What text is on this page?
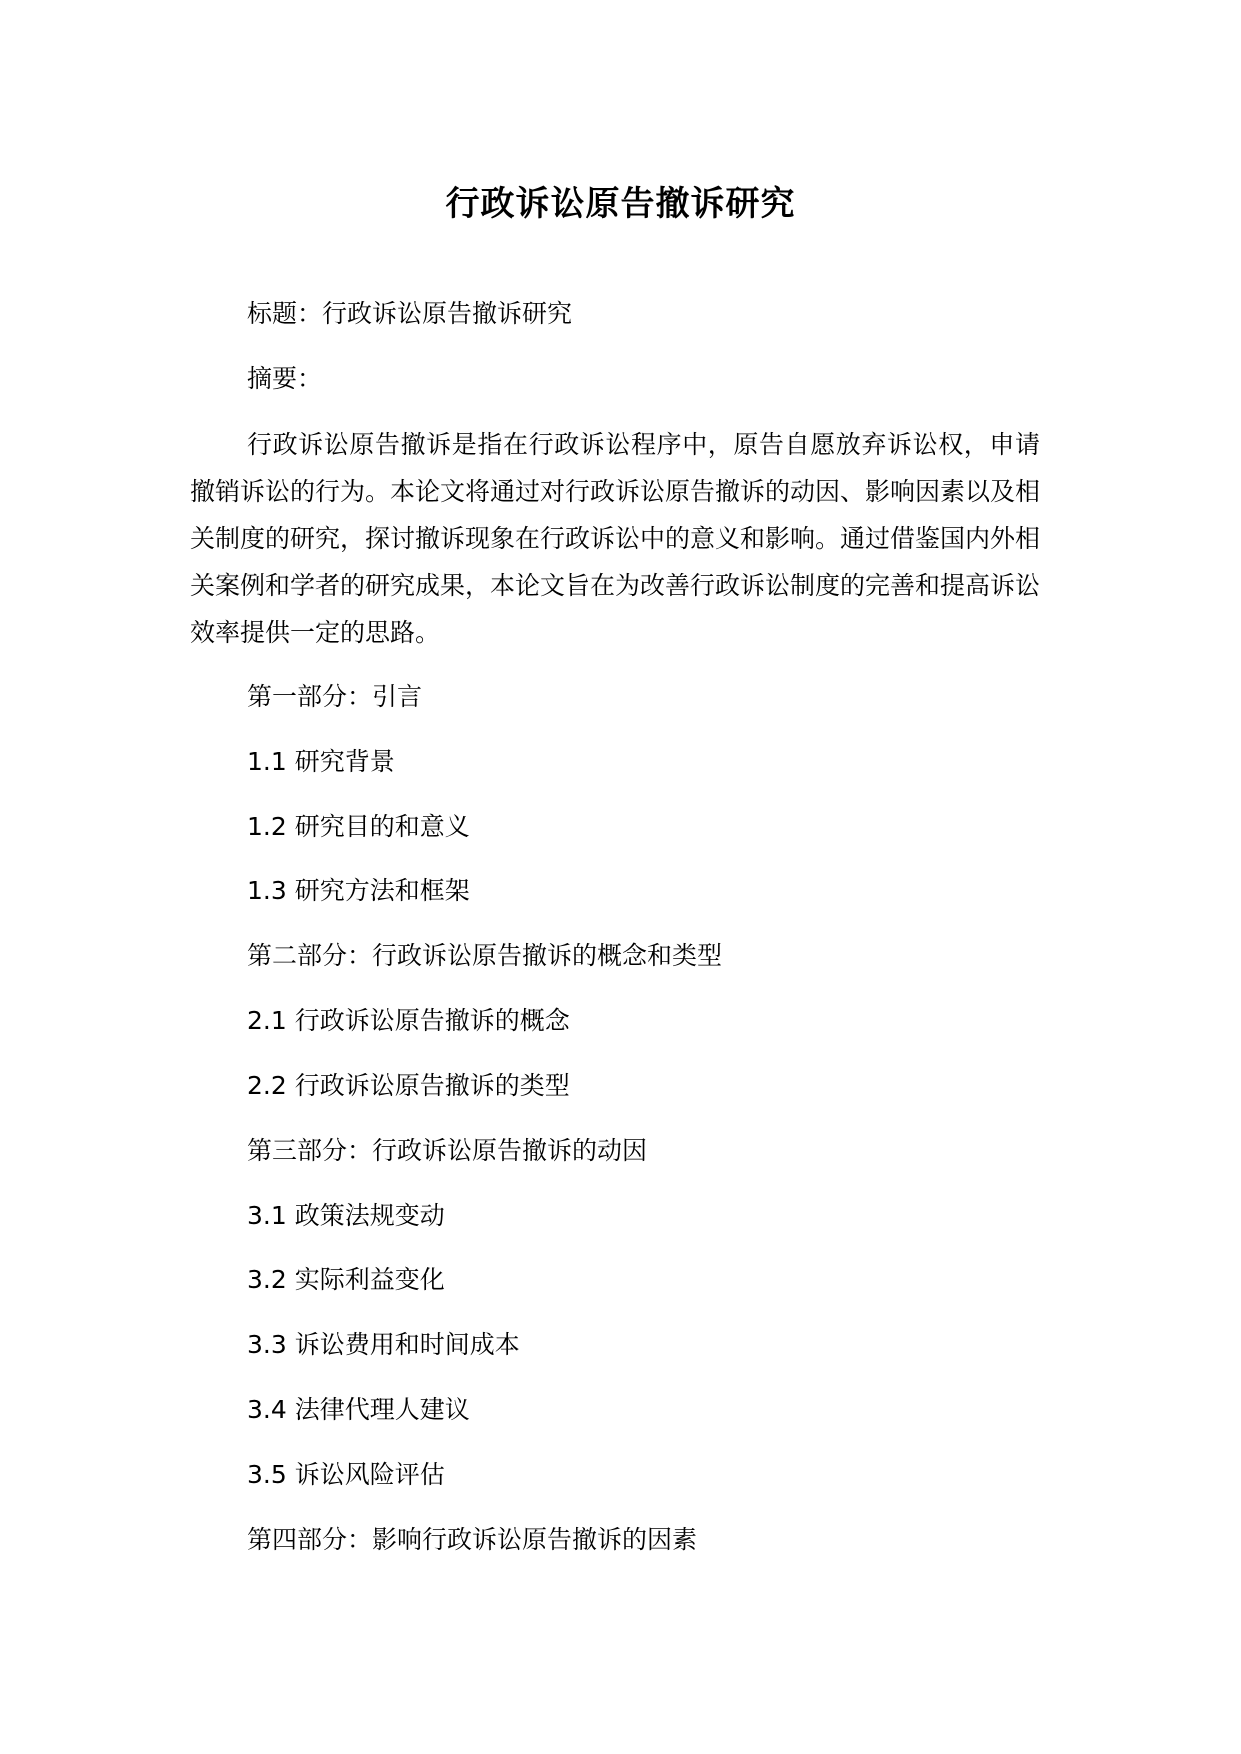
行政诉讼原告撤诉研究
标题：行政诉讼原告撤诉研究
摘要：

行政诉讼原告撤诉是指在行政诉讼程序中，原告自愿放弃诉讼权，申请撤销诉讼的行为。本论文将通过对行政诉讼原告撤诉的动因、影响因素以及相关制度的研究，探讨撤诉现象在行政诉讼中的意义和影响。通过借鉴国内外相关案例和学者的研究成果，本论文旨在为改善行政诉讼制度的完善和提高诉讼效率提供一定的思路。

第一部分：引言
1.1 研究背景
1.2 研究目的和意义
1.3 研究方法和框架
第二部分：行政诉讼原告撤诉的概念和类型
2.1 行政诉讼原告撤诉的概念
2.2 行政诉讼原告撤诉的类型
第三部分：行政诉讼原告撤诉的动因
3.1 政策法规变动
3.2 实际利益变化
3.3 诉讼费用和时间成本
3.4 法律代理人建议
3.5 诉讼风险评估
第四部分：影响行政诉讼原告撤诉的因素
